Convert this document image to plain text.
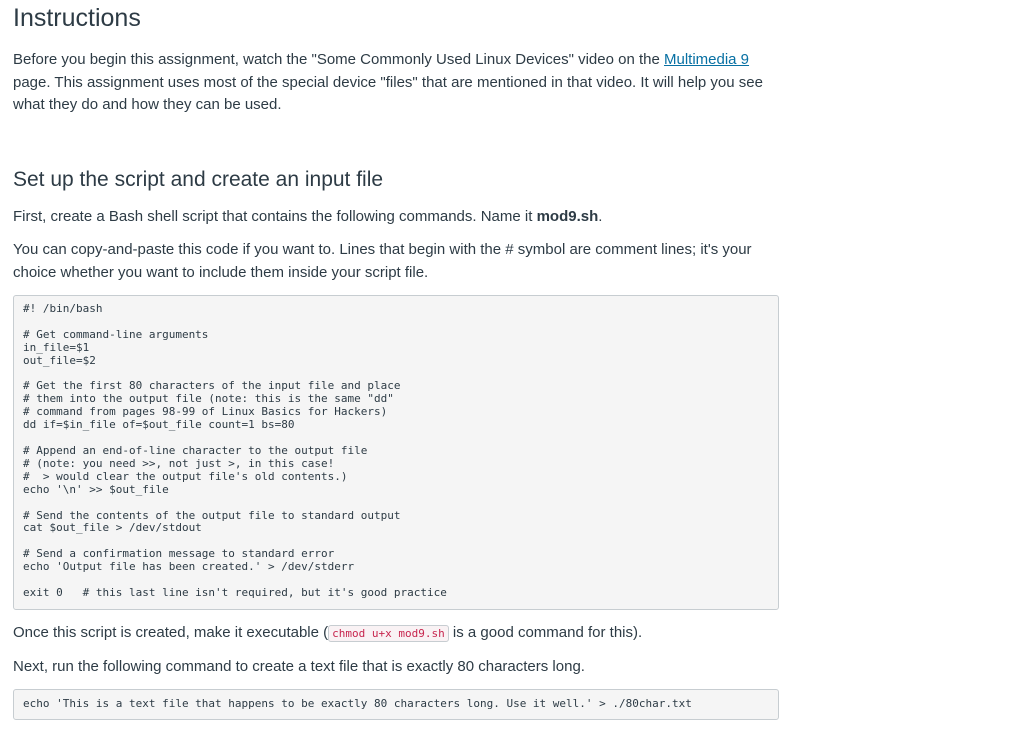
Instructions

Before you begin this assignment, watch the "Some Commonly Used Linux Devices" video on the Multimedia 9 page. This assignment uses most of the special device "files" that are mentioned in that video. It will help you see what they do and how they can be used.

Set up the script and create an input file

First, create a Bash shell script that contains the following commands. Name it mod9.sh.

You can copy-and-paste this code if you want to. Lines that begin with the # symbol are comment lines; it's your choice whether you want to include them inside your script file.

#! /bin/bash

# Get command-line arguments
in_file=$1
out_file=$2

# Get the first 80 characters of the input file and place
# them into the output file (note: this is the same "dd"
# command from pages 98-99 of Linux Basics for Hackers)
dd if=$in_file of=$out_file count=1 bs=80

# Append an end-of-line character to the output file
# (note: you need >>, not just >, in this case!
#  > would clear the output file's old contents.)
echo '\n' >> $out_file

# Send the contents of the output file to standard output
cat $out_file > /dev/stdout

# Send a confirmation message to standard error
echo 'Output file has been created.' > /dev/stderr

exit 0   # this last line isn't required, but it's good practice

Once this script is created, make it executable ( chmod u+x mod9.sh is a good command for this).

Next, run the following command to create a text file that is exactly 80 characters long.

echo 'This is a text file that happens to be exactly 80 characters long. Use it well.' > ./80char.txt
